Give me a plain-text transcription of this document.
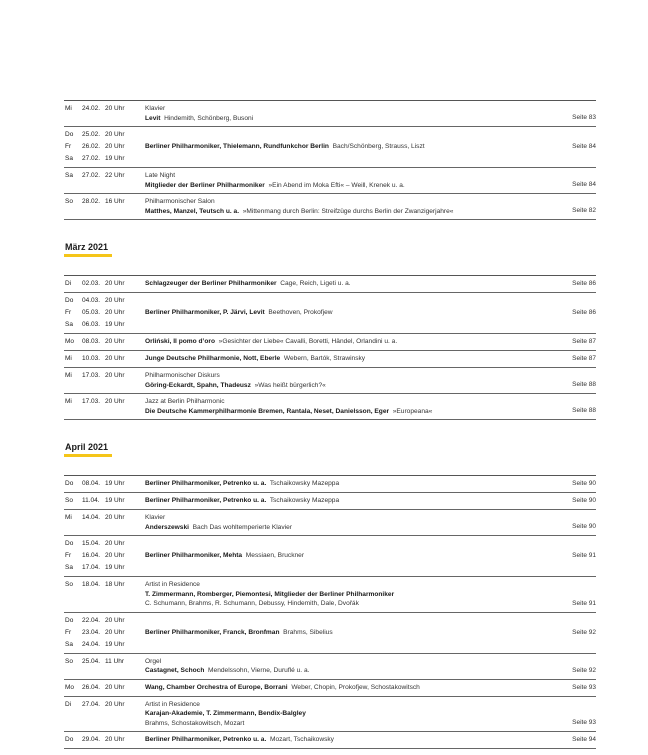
Mi 24.02. 20 Uhr	Klavier
Levit Hindemith, Schönberg, Busoni	Seite 83
Do 25.02. 20 Uhr
Fr 26.02. 20 Uhr
Sa 27.02. 19 Uhr
Berliner Philharmoniker, Thielemann, Rundfunkchor Berlin Bach/Schönberg, Strauss, Liszt	Seite 84
Sa 27.02. 22 Uhr	Late Night
Mitglieder der Berliner Philharmoniker »Ein Abend im Moka Efti« – Weill, Krenek u. a.	Seite 84
So 28.02. 16 Uhr	Philharmonischer Salon
Matthes, Manzel, Teutsch u. a. »Mittenmang durch Berlin: Streifzüge durchs Berlin der Zwanzigerjahre«	Seite 82
März 2021
Di 02.03. 20 Uhr	Schlagzeuger der Berliner Philharmoniker Cage, Reich, Ligeti u. a.	Seite 86
Do 04.03. 20 Uhr
Fr 05.03. 20 Uhr
Sa 06.03. 19 Uhr
Berliner Philharmoniker, P. Järvi, Levit Beethoven, Prokofjew	Seite 86
Mo 08.03. 20 Uhr	Orliński, Il pomo d’oro »Gesichter der Liebe« Cavalli, Boretti, Händel, Orlandini u. a.	Seite 87
Mi 10.03. 20 Uhr	Junge Deutsche Philharmonie, Nott, Eberle Webern, Bartók, Strawinsky	Seite 87
Mi 17.03. 20 Uhr	Philharmonischer Diskurs
Göring-Eckardt, Spahn, Thadeusz »Was heißt bürgerlich?«	Seite 88
Mi 17.03. 20 Uhr	Jazz at Berlin Philharmonic
Die Deutsche Kammerphilharmonie Bremen, Rantala, Neset, Danielsson, Eger »Europeana«	Seite 88
April 2021
Do 08.04. 19 Uhr	Berliner Philharmoniker, Petrenko u. a. Tschaikowsky Mazeppa	Seite 90
So 11.04. 19 Uhr	Berliner Philharmoniker, Petrenko u. a. Tschaikowsky Mazeppa	Seite 90
Mi 14.04. 20 Uhr	Klavier
Anderszewski Bach Das wohltemperierte Klavier	Seite 90
Do 15.04. 20 Uhr
Fr 16.04. 20 Uhr
Sa 17.04. 19 Uhr
Berliner Philharmoniker, Mehta Messiaen, Bruckner	Seite 91
So 18.04. 18 Uhr	Artist in Residence
T. Zimmermann, Romberger, Piemontesi, Mitglieder der Berliner Philharmoniker
C. Schumann, Brahms, R. Schumann, Debussy, Hindemith, Dale, Dvořák	Seite 91
Do 22.04. 20 Uhr
Fr 23.04. 20 Uhr
Sa 24.04. 19 Uhr
Berliner Philharmoniker, Franck, Bronfman Brahms, Sibelius	Seite 92
So 25.04. 11 Uhr	Orgel
Castagnet, Schoch Mendelssohn, Vierne, Duruflé u. a.	Seite 92
Mo 26.04. 20 Uhr	Wang, Chamber Orchestra of Europe, Borrani Weber, Chopin, Prokofjew, Schostakowitsch	Seite 93
Di 27.04. 20 Uhr	Artist in Residence
Karajan-Akademie, T. Zimmermann, Bendix-Balgley
Brahms, Schostakowitsch, Mozart	Seite 93
Do 29.04. 20 Uhr	Berliner Philharmoniker, Petrenko u. a. Mozart, Tschaikowsky	Seite 94
